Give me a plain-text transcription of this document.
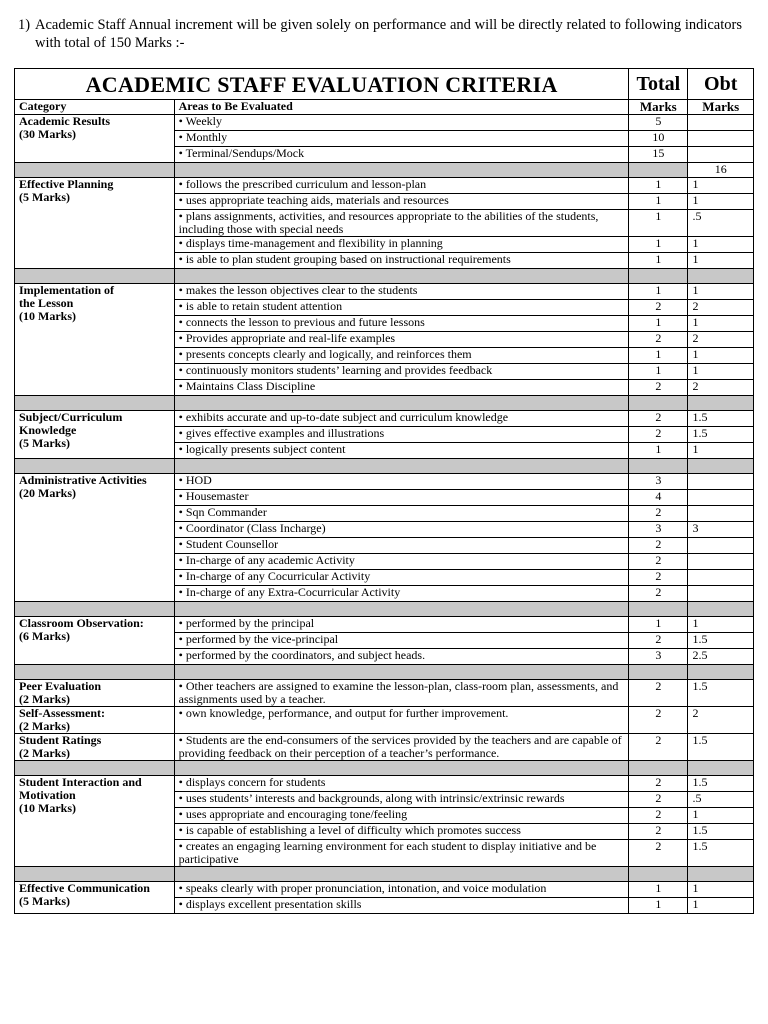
1) Academic Staff Annual increment will be given solely on performance and will be directly related to following indicators with total of 150 Marks :-
ACADEMIC STAFF EVALUATION CRITERIA		Total	Obt
Category	Areas to Be Evaluated	Marks	Marks

Academic Results
(30 Marks)	• Weekly	5	
	• Monthly	10	
	• Terminal/Sendups/Mock	15	
			16

Effective Planning
(5 Marks)	• follows the prescribed curriculum and lesson-plan	1	1
	• uses appropriate teaching aids, materials and resources	1	1
	• plans assignments, activities, and resources appropriate to the abilities of the students, including those with special needs	1	.5
	• displays time-management and flexibility in planning	1	1
	• is able to plan student grouping based on instructional requirements	1	1

Implementation of
the Lesson
(10 Marks)	• makes the lesson objectives clear to the students	1	1
	• is able to retain student attention	2	2
	• connects the lesson to previous and future lessons	1	1
	• Provides appropriate and real-life examples	2	2
	• presents concepts clearly and logically, and reinforces them	1	1
	• continuously monitors students’ learning and provides feedback	1	1
	• Maintains Class Discipline	2	2

Subject/Curriculum
Knowledge
(5 Marks)	• exhibits accurate and up-to-date subject and curriculum knowledge	2	1.5
	• gives effective examples and illustrations	2	1.5
	• logically presents subject content	1	1

Administrative Activities
(20 Marks)	• HOD	3	
	• Housemaster	4	
	• Sqn Commander	2	
	• Coordinator (Class Incharge)	3	3
	• Student Counsellor	2	
	• In-charge of any academic Activity	2	
	• In-charge of any Cocurricular Activity	2	
	• In-charge of any Extra-Cocurricular Activity	2	

Classroom Observation:
(6 Marks)	• performed by the principal	1	1
	• performed by the vice-principal	2	1.5
	• performed by the coordinators, and subject heads.	3	2.5

Peer Evaluation
(2 Marks)	• Other teachers are assigned to examine the lesson-plan, class-room plan, assessments, and assignments used by a teacher.	2	1.5

Self-Assessment:
(2 Marks)	• own knowledge, performance, and output for further improvement.	2	2

Student Ratings
(2 Marks)	• Students are the end-consumers of the services provided by the teachers and are capable of providing feedback on their perception of a teacher’s performance.	2	1.5

Student Interaction and
Motivation
(10 Marks)	• displays concern for students	2	1.5
	• uses students’ interests and backgrounds, along with intrinsic/extrinsic rewards	2	.5
	• uses appropriate and encouraging tone/feeling	2	1
	• is capable of establishing a level of difficulty which promotes success	2	1.5
	• creates an engaging learning environment for each student to display initiative and be participative	2	1.5

Effective Communication
(5 Marks)	• speaks clearly with proper pronunciation, intonation, and voice modulation	1	1
	• displays excellent presentation skills	1	1
